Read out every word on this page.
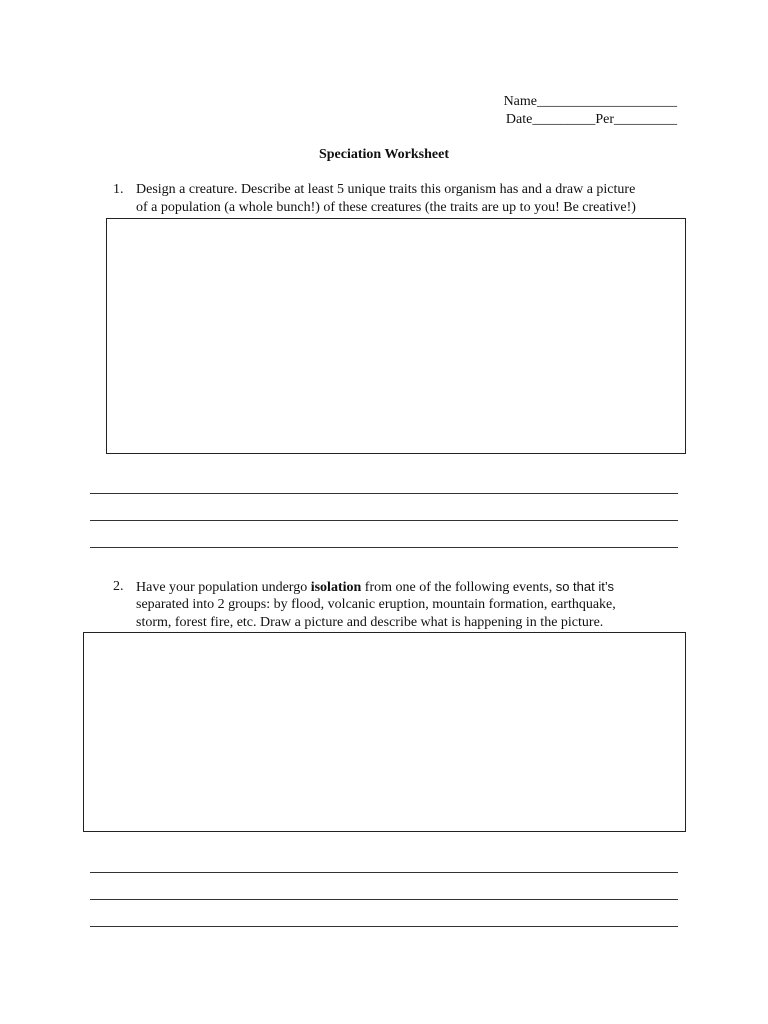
Name____________________
Date_________Per_________
Speciation Worksheet
1. Design a creature. Describe at least 5 unique traits this organism has and a draw a picture
of a population (a whole bunch!) of these creatures (the traits are up to you! Be creative!)
2. Have your population undergo isolation from one of the following events, so that it’s
separated into 2 groups: by flood, volcanic eruption, mountain formation, earthquake,
storm, forest fire, etc. Draw a picture and describe what is happening in the picture.
